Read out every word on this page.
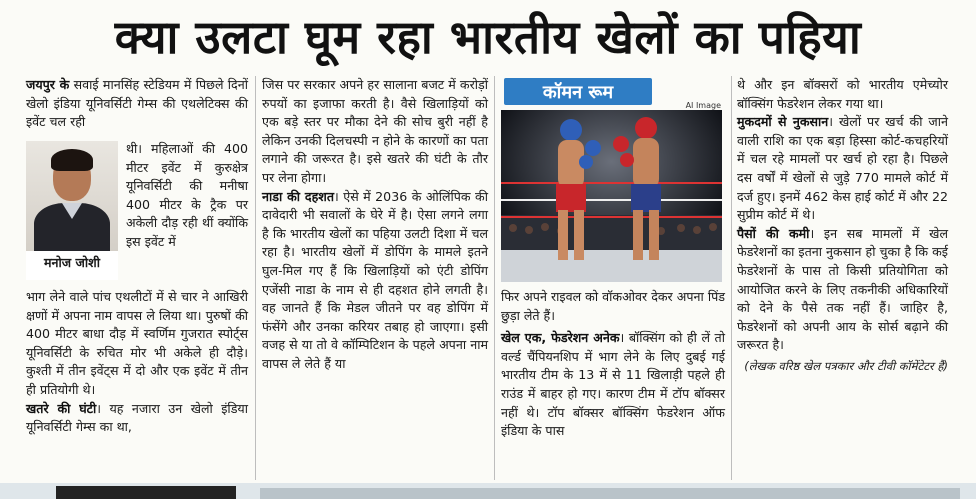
क्या उलटा घूम रहा भारतीय खेलों का पहिया

जयपुर के सवाई मानसिंह स्टेडियम में पिछले दिनों खेलो इंडिया यूनिवर्सिटी गेम्स की एथलेटिक्स की इवेंट चल रही

मनोज जोशी

थी। महिलाओं की 400 मीटर इवेंट में कुरुक्षेत्र यूनिवर्सिटी की मनीषा 400 मीटर के ट्रैक पर अकेली दौड़ रही थीं क्योंकि इस इवेंट में

भाग लेने वाले पांच एथलीटों में से चार ने आखिरी क्षणों में अपना नाम वापस ले लिया था। पुरुषों की 400 मीटर बाधा दौड़ में स्वर्णिम गुजरात स्पोर्ट्स यूनिवर्सिटी के रुचित मोर भी अकेले ही दौड़े। कुश्ती में तीन इवेंट्स में दो और एक इवेंट में तीन ही प्रतियोगी थे।

खतरे की घंटी। यह नजारा उन खेलो इंडिया यूनिवर्सिटी गेम्स का था,

जिस पर सरकार अपने हर सालाना बजट में करोड़ों रुपयों का इजाफा करती है। वैसे खिलाड़ियों को एक बड़े स्तर पर मौका देने की सोच बुरी नहीं है लेकिन उनकी दिलचस्पी न होने के कारणों का पता लगाने की जरूरत है। इसे खतरे की घंटी के तौर पर लेना होगा।

नाडा की दहशत। ऐसे में 2036 के ओलिंपिक की दावेदारी भी सवालों के घेरे में है। ऐसा लगने लगा है कि भारतीय खेलों का पहिया उलटी दिशा में चल रहा है। भारतीय खेलों में डोपिंग के मामले इतने घुल-मिल गए हैं कि खिलाड़ियों को एंटी डोपिंग एजेंसी नाडा के नाम से ही दहशत होने लगती है। वह जानते हैं कि मेडल जीतने पर वह डोपिंग में फंसेंगे और उनका करियर तबाह हो जाएगा। इसी वजह से या तो वे कॉम्पिटिशन के पहले अपना नाम वापस ले लेते हैं या

कॉमन रूम
AI Image

फिर अपने राइवल को वॉकओवर देकर अपना पिंड छुड़ा लेते हैं।

खेल एक, फेडरेशन अनेक। बॉक्सिंग को ही लें तो वर्ल्ड चैंपियनशिप में भाग लेने के लिए दुबई गई भारतीय टीम के 13 में से 11 खिलाड़ी पहले ही राउंड में बाहर हो गए। कारण टीम में टॉप बॉक्सर नहीं थे। टॉप बॉक्सर बॉक्सिंग फेडरेशन ऑफ इंडिया के पास

थे और इन बॉक्सरों को भारतीय एमेच्योर बॉक्सिंग फेडरेशन लेकर गया था।

मुकदमों से नुकसान। खेलों पर खर्च की जाने वाली राशि का एक बड़ा हिस्सा कोर्ट-कचहरियों में चल रहे मामलों पर खर्च हो रहा है। पिछले दस वर्षों में खेलों से जुड़े 770 मामले कोर्ट में दर्ज हुए। इनमें 462 केस हाई कोर्ट में और 22 सुप्रीम कोर्ट में थे।

पैसों की कमी। इन सब मामलों में खेल फेडरेशनों का इतना नुकसान हो चुका है कि कई फेडरेशनों के पास तो किसी प्रतियोगिता को आयोजित करने के लिए तकनीकी अधिकारियों को देने के पैसे तक नहीं हैं। जाहिर है, फेडरेशनों को अपनी आय के सोर्स बढ़ाने की जरूरत है।

(लेखक वरिष्ठ खेल पत्रकार और टीवी कॉमेंटेटर हैं)
